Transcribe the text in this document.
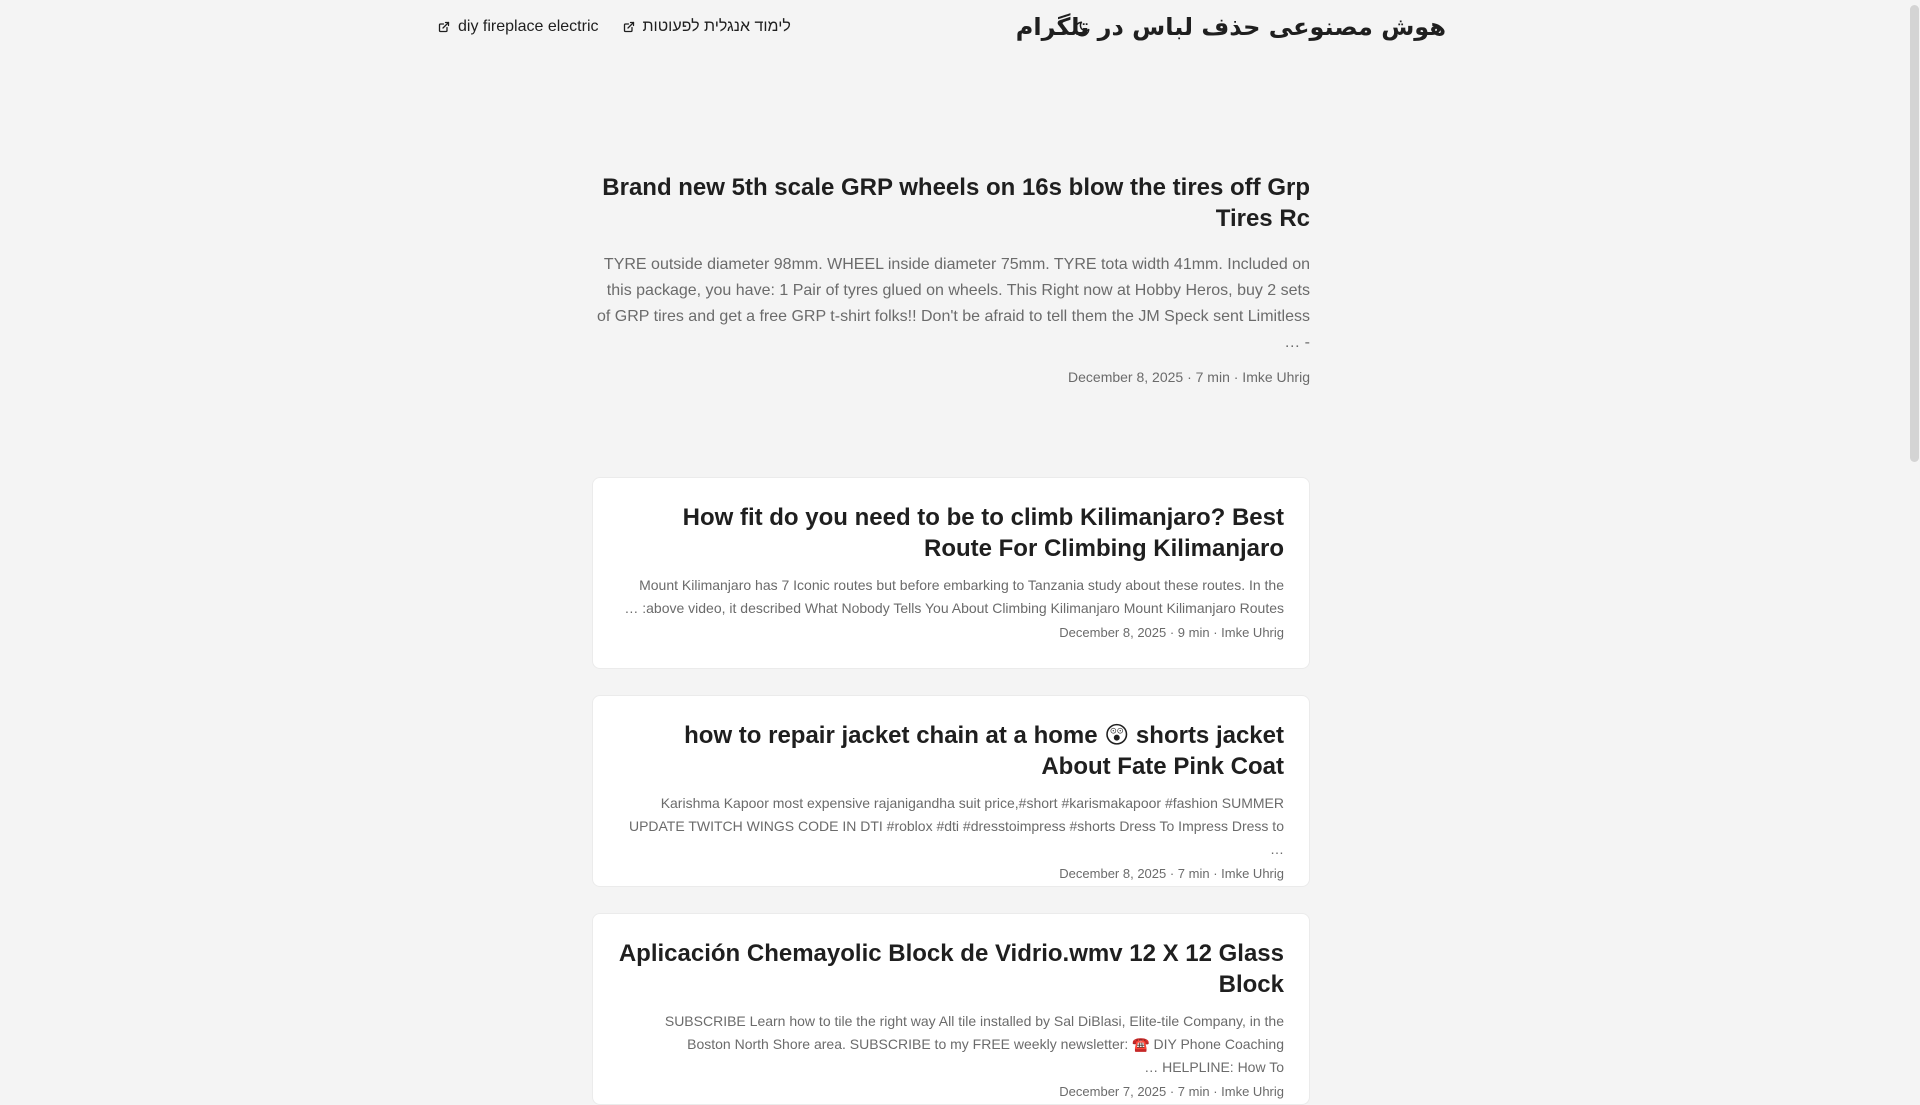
هوش مصنوعی حذف لباس در تلگرام
diy fireplace electric	לימוד אנגלית לפעוטות
Brand new 5th scale GRP wheels on 16s blow the tires off Grp Tires Rc

TYRE outside diameter 98mm. WHEEL inside diameter 75mm. TYRE tota width 41mm. Included on this package, you have: 1 Pair of tyres glued on wheels. This Right now at Hobby Heros, buy 2 sets of GRP tires and get a free GRP t-shirt folks!! Don't be afraid to tell them the JM Speck sent Limitless - …

December 8, 2025 · 7 min · Imke Uhrig
How fit do you need to be to climb Kilimanjaro? Best Route For Climbing Kilimanjaro

Mount Kilimanjaro has 7 Iconic routes but before embarking to Tanzania study about these routes. In the above video, it described What Nobody Tells You About Climbing Kilimanjaro Mount Kilimanjaro Routes: …

December 8, 2025 · 9 min · Imke Uhrig
how to repair jacket chain at a home 😲 shorts jacket About Fate Pink Coat

Karishma Kapoor most expensive rajanigandha suit price,#short #karismakapoor #fashion SUMMER UPDATE TWITCH WINGS CODE IN DTI #roblox #dti #dresstoimpress #shorts Dress To Impress Dress to …

December 8, 2025 · 7 min · Imke Uhrig
Aplicación Chemayolic Block de Vidrio.wmv 12 X 12 Glass Block

SUBSCRIBE Learn how to tile the right way All tile installed by Sal DiBlasi, Elite-tile Company, in the Boston North Shore area. SUBSCRIBE to my FREE weekly newsletter: ☎️ DIY Phone Coaching HELPLINE: How To …

December 7, 2025 · 7 min · Imke Uhrig
